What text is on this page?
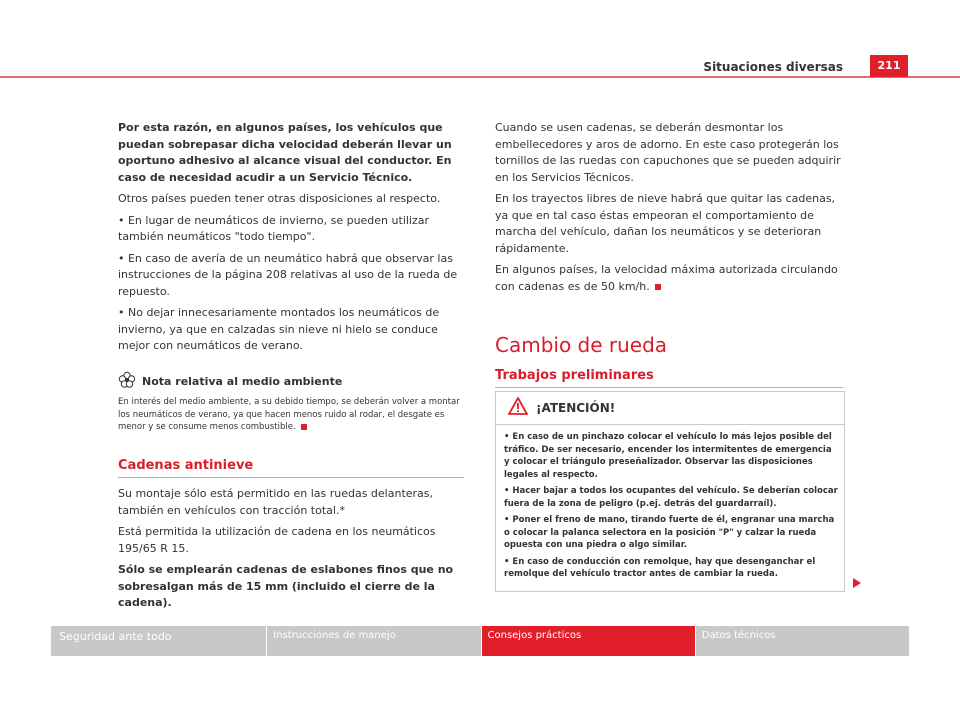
Situaciones diversas	211

Por esta razón, en algunos países, los vehículos que puedan sobrepasar dicha velocidad deberán llevar un oportuno adhesivo al alcance visual del conductor. En caso de necesidad acudir a un Servicio Técnico.

Otros países pueden tener otras disposiciones al respecto.

• En lugar de neumáticos de invierno, se pueden utilizar también neumáticos "todo tiempo".

• En caso de avería de un neumático habrá que observar las instrucciones de la página 208 relativas al uso de la rueda de repuesto.

• No dejar innecesariamente montados los neumáticos de invierno, ya que en calzadas sin nieve ni hielo se conduce mejor con neumáticos de verano.

Nota relativa al medio ambiente
En interés del medio ambiente, a su debido tiempo, se deberán volver a montar los neumáticos de verano, ya que hacen menos ruido al rodar, el desgate es menor y se consume menos combustible.
Cadenas antinieve

Su montaje sólo está permitido en las ruedas delanteras, también en vehículos con tracción total.*

Está permitida la utilización de cadena en los neumáticos 195/65 R 15.

Sólo se emplearán cadenas de eslabones finos que no sobresalgan más de 15 mm (incluido el cierre de la cadena).

Cuando se usen cadenas, se deberán desmontar los embellecedores y aros de adorno. En este caso protegerán los tornillos de las ruedas con capuchones que se pueden adquirir en los Servicios Técnicos.

En los trayectos libres de nieve habrá que quitar las cadenas, ya que en tal caso éstas empeoran el comportamiento de marcha del vehículo, dañan los neumáticos y se deterioran rápidamente.

En algunos países, la velocidad máxima autorizada circulando con cadenas es de 50 km/h.

Cambio de rueda
Trabajos preliminares
¡ATENCIÓN!

• En caso de un pinchazo colocar el vehículo lo más lejos posible del tráfico. De ser necesario, encender los intermitentes de emergencia y colocar el triángulo preseñalizador. Observar las disposiciones legales al respecto.

• Hacer bajar a todos los ocupantes del vehículo. Se deberían colocar fuera de la zona de peligro (p.ej. detrás del guardarraíl).

• Poner el freno de mano, tirando fuerte de él, engranar una marcha o colocar la palanca selectora en la posición "P" y calzar la rueda opuesta con una piedra o algo similar.

• En caso de conducción con remolque, hay que desenganchar el remolque del vehículo tractor antes de cambiar la rueda.

Seguridad ante todo	Instrucciones de manejo	Consejos prácticos	Datos técnicos
